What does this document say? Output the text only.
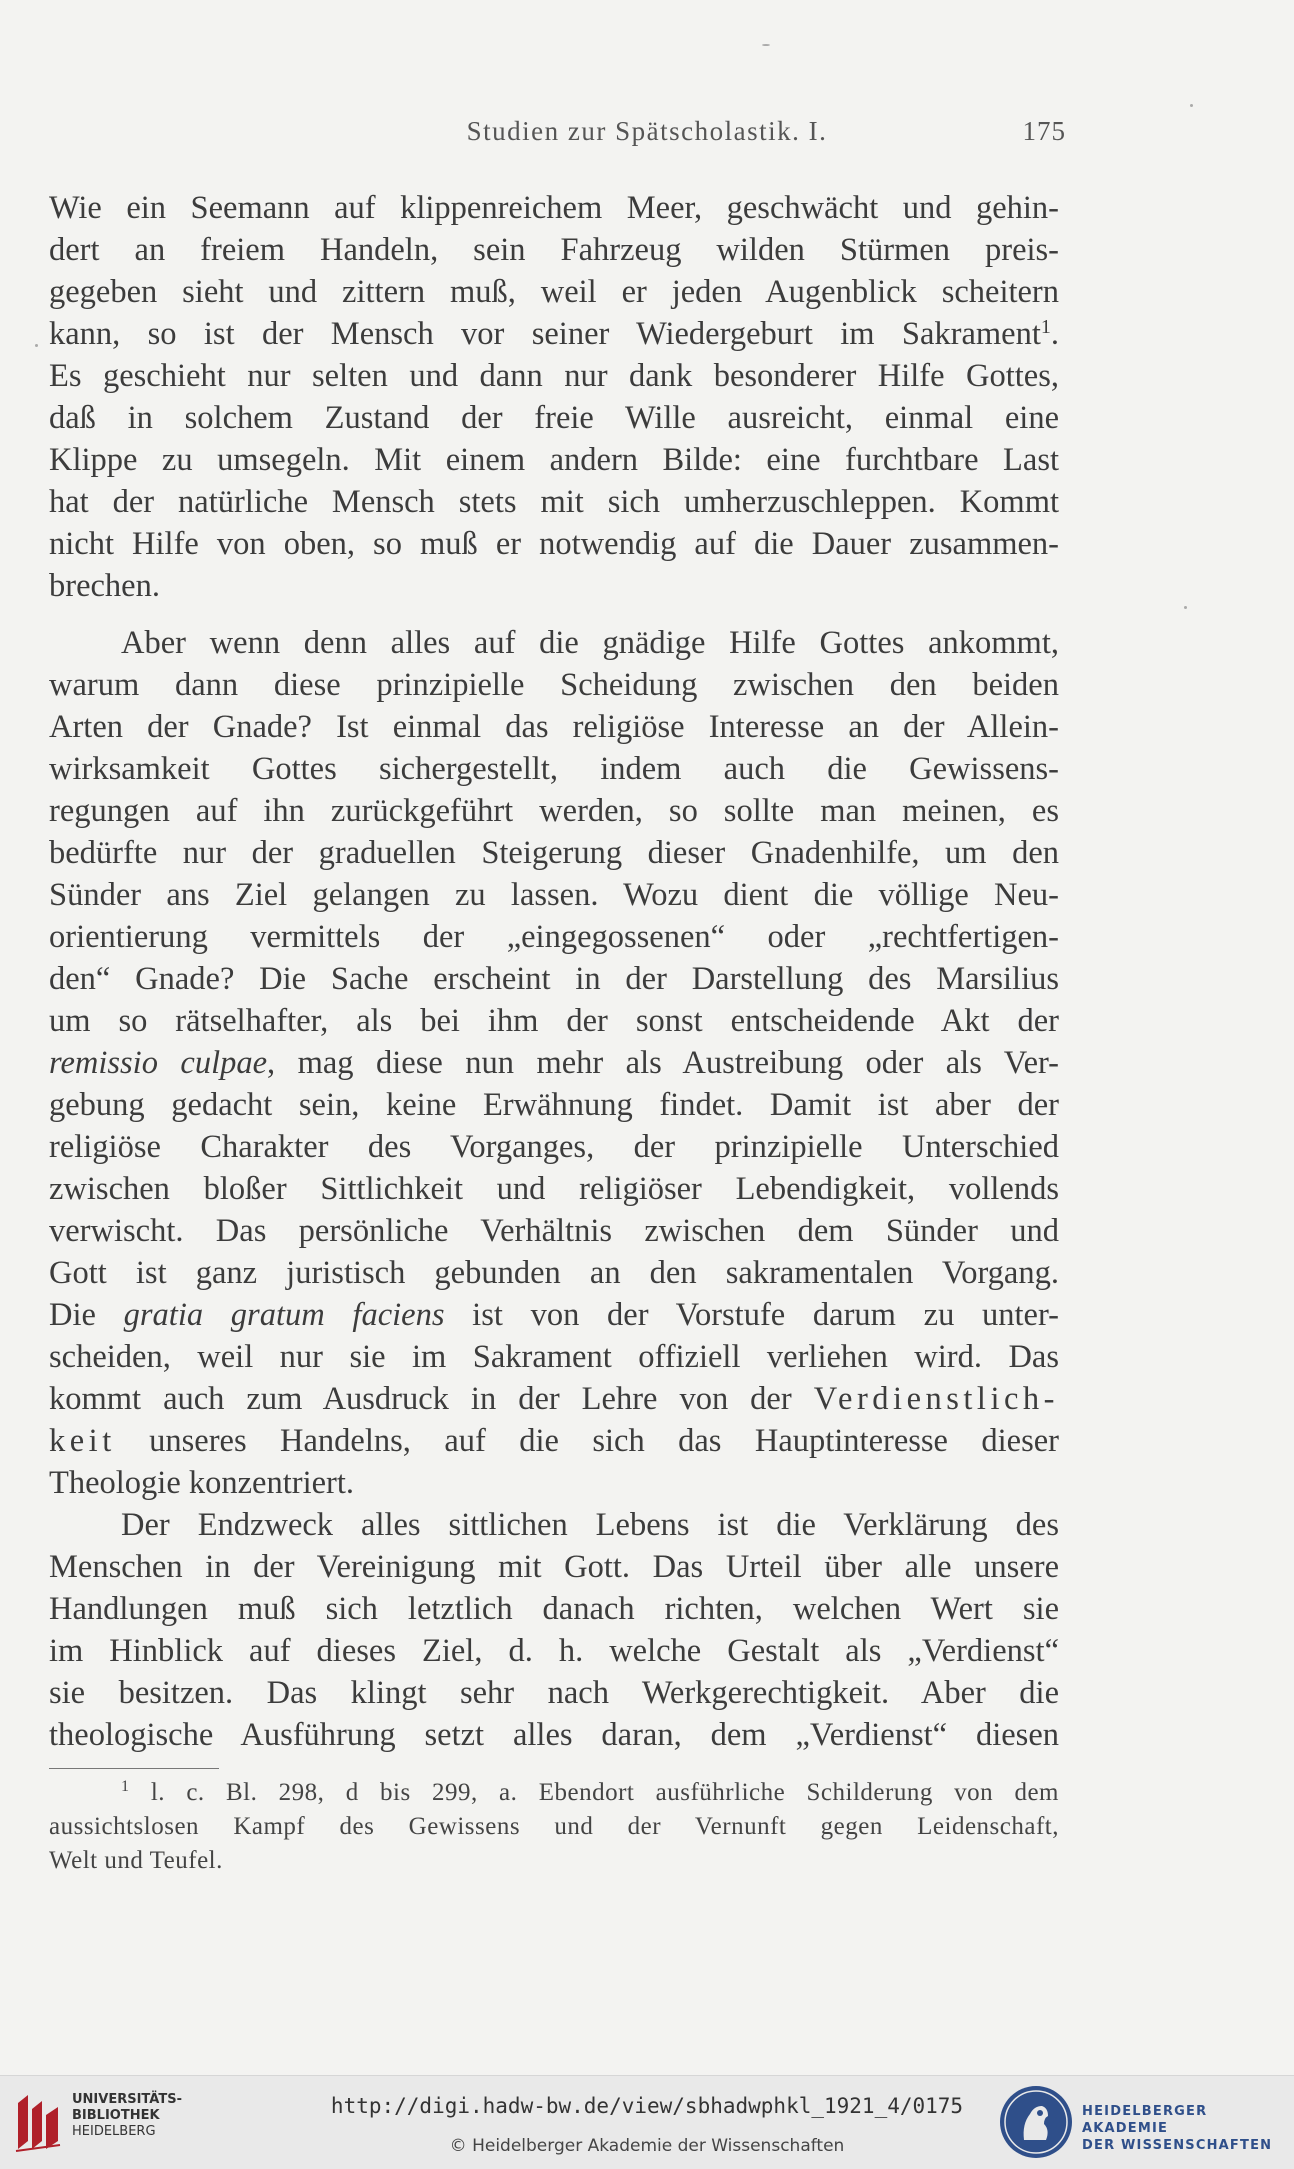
Studien zur Spätscholastik. I.	175
Wie ein Seemann auf klippenreichem Meer, geschwächt und gehin-
dert an freiem Handeln, sein Fahrzeug wilden Stürmen preis-
gegeben sieht und zittern muß, weil er jeden Augenblick scheitern
kann, so ist der Mensch vor seiner Wiedergeburt im Sakrament$^1$.
Es geschieht nur selten und dann nur dank besonderer Hilfe Gottes,
daß in solchem Zustand der freie Wille ausreicht, einmal eine
Klippe zu umsegeln. Mit einem andern Bilde: eine furchtbare Last
hat der natürliche Mensch stets mit sich umherzuschleppen. Kommt
nicht Hilfe von oben, so muß er notwendig auf die Dauer zusammen-
brechen.
Aber wenn denn alles auf die gnädige Hilfe Gottes ankommt,
warum dann diese prinzipielle Scheidung zwischen den beiden
Arten der Gnade? Ist einmal das religiöse Interesse an der Allein-
wirksamkeit Gottes sichergestellt, indem auch die Gewissens-
regungen auf ihn zurückgeführt werden, so sollte man meinen, es
bedürfte nur der graduellen Steigerung dieser Gnadenhilfe, um den
Sünder ans Ziel gelangen zu lassen. Wozu dient die völlige Neu-
orientierung vermittels der „eingegossenen“ oder „rechtfertigen-
den“ Gnade? Die Sache erscheint in der Darstellung des Marsilius
um so rätselhafter, als bei ihm der sonst entscheidende Akt der
remissio culpae, mag diese nun mehr als Austreibung oder als Ver-
gebung gedacht sein, keine Erwähnung findet. Damit ist aber der
religiöse Charakter des Vorganges, der prinzipielle Unterschied
zwischen bloßer Sittlichkeit und religiöser Lebendigkeit, vollends
verwischt. Das persönliche Verhältnis zwischen dem Sünder und
Gott ist ganz juristisch gebunden an den sakramentalen Vorgang.
Die gratia gratum faciens ist von der Vorstufe darum zu unter-
scheiden, weil nur sie im Sakrament offiziell verliehen wird. Das
kommt auch zum Ausdruck in der Lehre von der Verdienstlich-
keit unseres Handelns, auf die sich das Hauptinteresse dieser
Theologie konzentriert.
Der Endzweck alles sittlichen Lebens ist die Verklärung des
Menschen in der Vereinigung mit Gott. Das Urteil über alle unsere
Handlungen muß sich letztlich danach richten, welchen Wert sie
im Hinblick auf dieses Ziel, d. h. welche Gestalt als „Verdienst“
sie besitzen. Das klingt sehr nach Werkgerechtigkeit. Aber die
theologische Ausführung setzt alles daran, dem „Verdienst“ diesen
$^1$ l. c. Bl. 298, d bis 299, a. Ebendort ausführliche Schilderung von dem
aussichtslosen Kampf des Gewissens und der Vernunft gegen Leidenschaft,
Welt und Teufel.
UNIVERSITÄTS-
BIBLIOTHEK
HEIDELBERG
http://digi.hadw-bw.de/view/sbhadwphkl_1921_4/0175
© Heidelberger Akademie der Wissenschaften
HEIDELBERGER AKADEMIE
DER WISSENSCHAFTEN
